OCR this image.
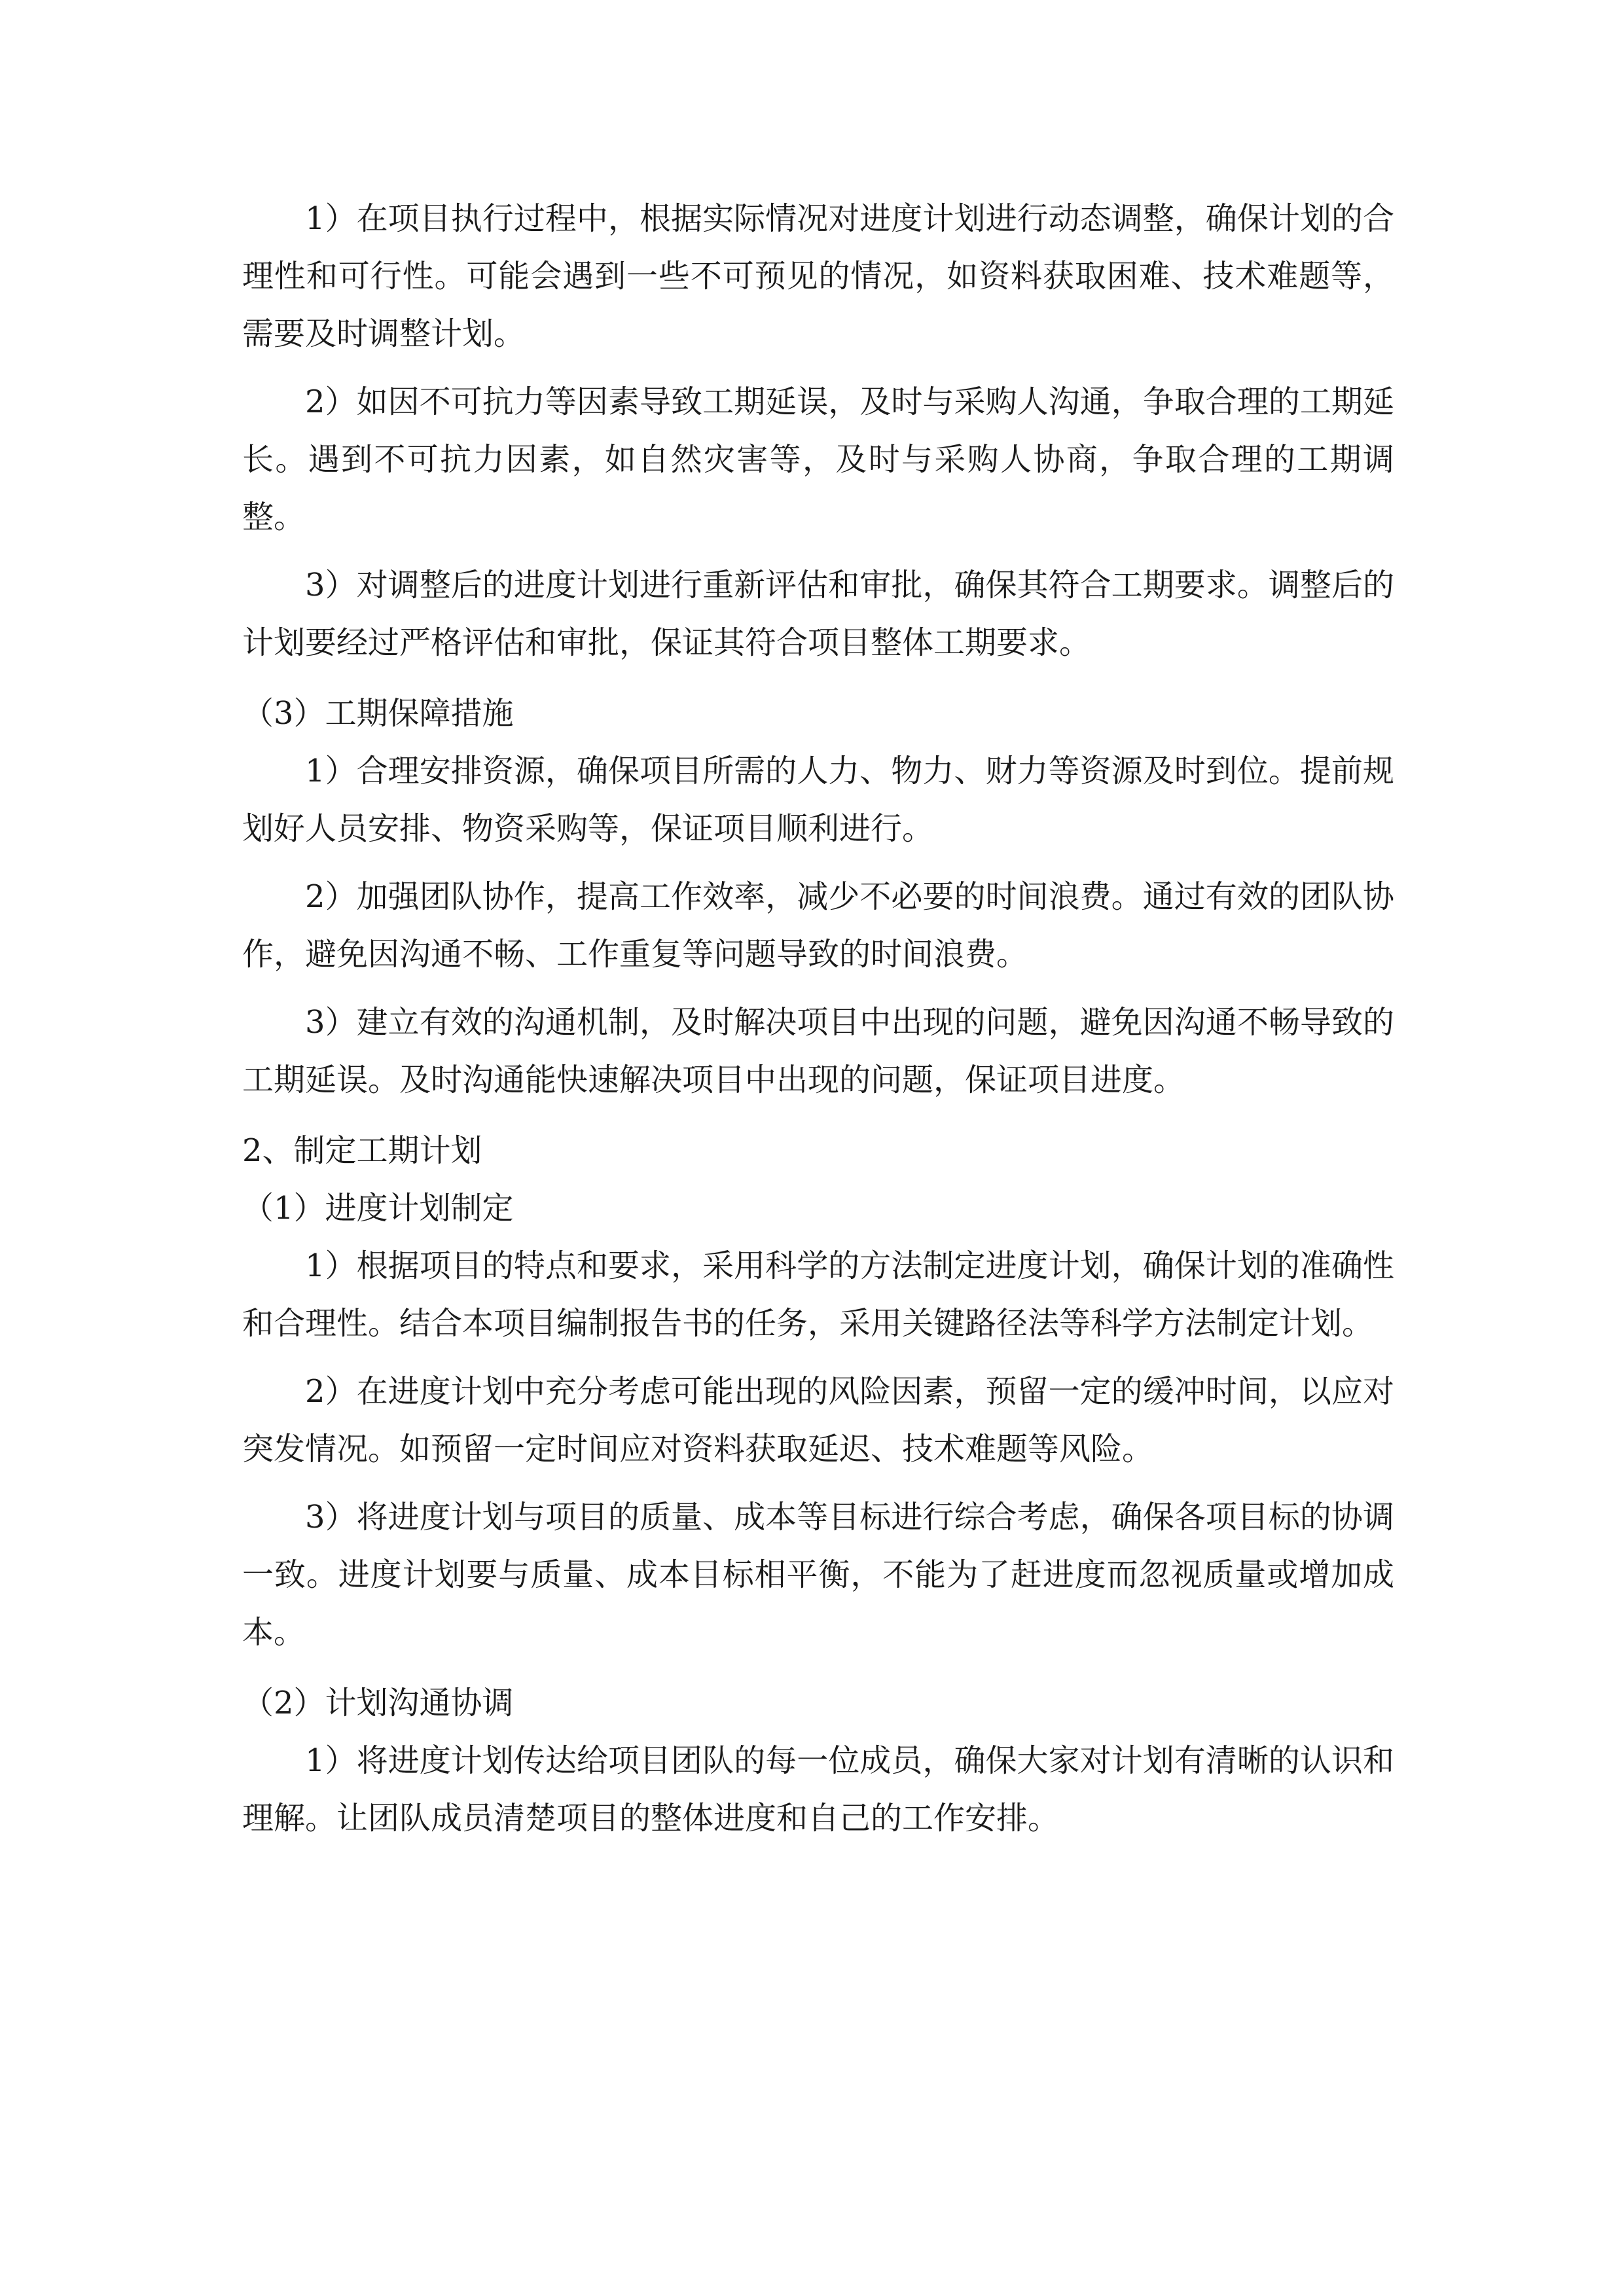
1）在项目执行过程中，根据实际情况对进度计划进行动态调整，确保计划的合理性和可行性。可能会遇到一些不可预见的情况，如资料获取困难、技术难题等，需要及时调整计划。

2）如因不可抗力等因素导致工期延误，及时与采购人沟通，争取合理的工期延长。遇到不可抗力因素，如自然灾害等，及时与采购人协商，争取合理的工期调整。

3）对调整后的进度计划进行重新评估和审批，确保其符合工期要求。调整后的计划要经过严格评估和审批，保证其符合项目整体工期要求。

（3）工期保障措施

1）合理安排资源，确保项目所需的人力、物力、财力等资源及时到位。提前规划好人员安排、物资采购等，保证项目顺利进行。

2）加强团队协作，提高工作效率，减少不必要的时间浪费。通过有效的团队协作，避免因沟通不畅、工作重复等问题导致的时间浪费。

3）建立有效的沟通机制，及时解决项目中出现的问题，避免因沟通不畅导致的工期延误。及时沟通能快速解决项目中出现的问题，保证项目进度。

2、制定工期计划

（1）进度计划制定

1）根据项目的特点和要求，采用科学的方法制定进度计划，确保计划的准确性和合理性。结合本项目编制报告书的任务，采用关键路径法等科学方法制定计划。

2）在进度计划中充分考虑可能出现的风险因素，预留一定的缓冲时间，以应对突发情况。如预留一定时间应对资料获取延迟、技术难题等风险。

3）将进度计划与项目的质量、成本等目标进行综合考虑，确保各项目标的协调一致。进度计划要与质量、成本目标相平衡，不能为了赶进度而忽视质量或增加成本。

（2）计划沟通协调

1）将进度计划传达给项目团队的每一位成员，确保大家对计划有清晰的认识和理解。让团队成员清楚项目的整体进度和自己的工作安排。
